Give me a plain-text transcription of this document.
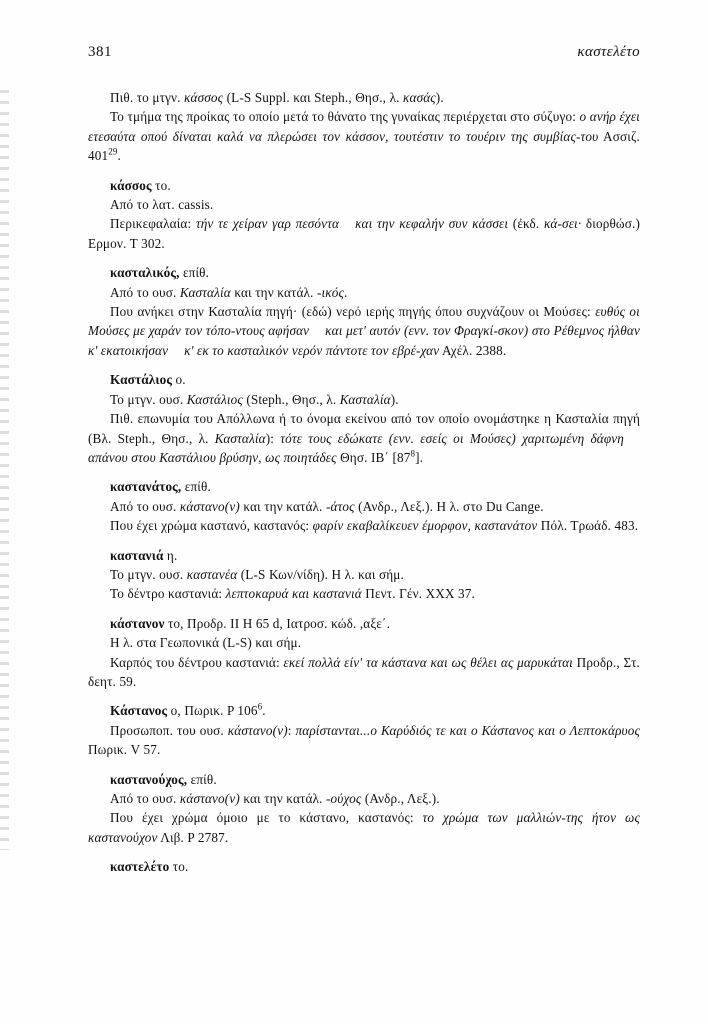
381	καστελέτο

Πιθ. το μτγν. κάσσος (L-S Suppl. και Steph., Θησ., λ. κασάς).

Το τμήμα της προίκας το οποίο μετά το θάνατο της γυναίκας περιέρχεται στο σύζυγο: ο ανήρ έχει ετεσαύτα οπού δίναται καλά να πλερώσει τον κάσσον, τουτέστιν το τουέριν της συμβίας-του Ασσιζ. $401^{29}$.

κάσσος το.

Από το λατ. cassis.

Περικεφαλαία: τήν τε χείραν γαρ πεσόντα και την κεφαλήν συν κάσσει (ἐκδ. κά-σει· διορθώσ.) Ερμον. Τ 302.

κασταλικός, επίθ.

Από το ουσ. Κασταλία και την κατάλ. -ικός.

Που ανήκει στην Κασταλία πηγή· (εδώ) νερό ιερής πηγής όπου συχνάζουν οι Μούσες: ευθύς οι Μούσες με χαράν τον τόπο-ντους αφήσαν και μετ' αυτόν (ενν. τον Φραγκί-σκον) στο Ρέθεμνος ήλθαν κ' εκατοικήσαν κ' εκ το κασταλικόν νερόν πάντοτε τον εβρέ-χαν Αχέλ. 2388.

Καστάλιος ο.

Το μτγν. ουσ. Καστάλιος (Steph., Θησ., λ. Κασταλία).

Πιθ. επωνυμία του Απόλλωνα ή το όνομα εκείνου από τον οποίο ονομάστηκε η Κασταλία πηγή (Βλ. Steph., Θησ., λ. Κασταλία): τότε τους εδώκατε (ενν. εσείς οι Μούσες) χαριτωμένη δάφνηαπάνου στου Καστάλιου βρύσην, ως ποιητάδες Θησ. ΙΒ΄ $[87^8]$.

καστανάτος, επίθ.

Από το ουσ. κάστανο(ν) και την κατάλ. -άτος (Ανδρ., Λεξ.). Η λ. στο Du Cange.

Που έχει χρώμα καστανό, καστανός: φαρίν εκαβαλίκευεν έμορφον, καστανάτον Πόλ. Τρωάδ. 483.

καστανιά η.

Το μτγν. ουσ. καστανέα (L-S Κων/νίδη). Η λ. και σήμ.

Το δέντρο καστανιά: λεπτοκαρυά και καστανιά Πεντ. Γέν. XXX 37.

κάστανον το, Προδρ. II Η 65 d, Ιατροσ. κώδ. ,αξε΄.

Η λ. στα Γεωπονικά (L-S) και σήμ.

Καρπός του δέντρου καστανιά: εκεί πολλά είν' τα κάστανα και ως θέλει ας μαρυκάται Προδρ., Στ. δεητ. 59.

Κάστανος ο, Πωρικ. P $106^6$.

Προσωποπ. του ουσ. κάστανο(ν): παρίστανται...ο Καρύδιός τε και ο Κάστανος και ο Λεπτοκάρυος Πωρικ. V 57.

καστανούχος, επίθ.

Από το ουσ. κάστανο(ν) και την κατάλ. -ούχος (Ανδρ., Λεξ.).

Που έχει χρώμα όμοιο με το κάστανο, καστανός: το χρώμα των μαλλιών-της ήτον ως καστανούχον Λιβ. P 2787.

καστελέτο το.
